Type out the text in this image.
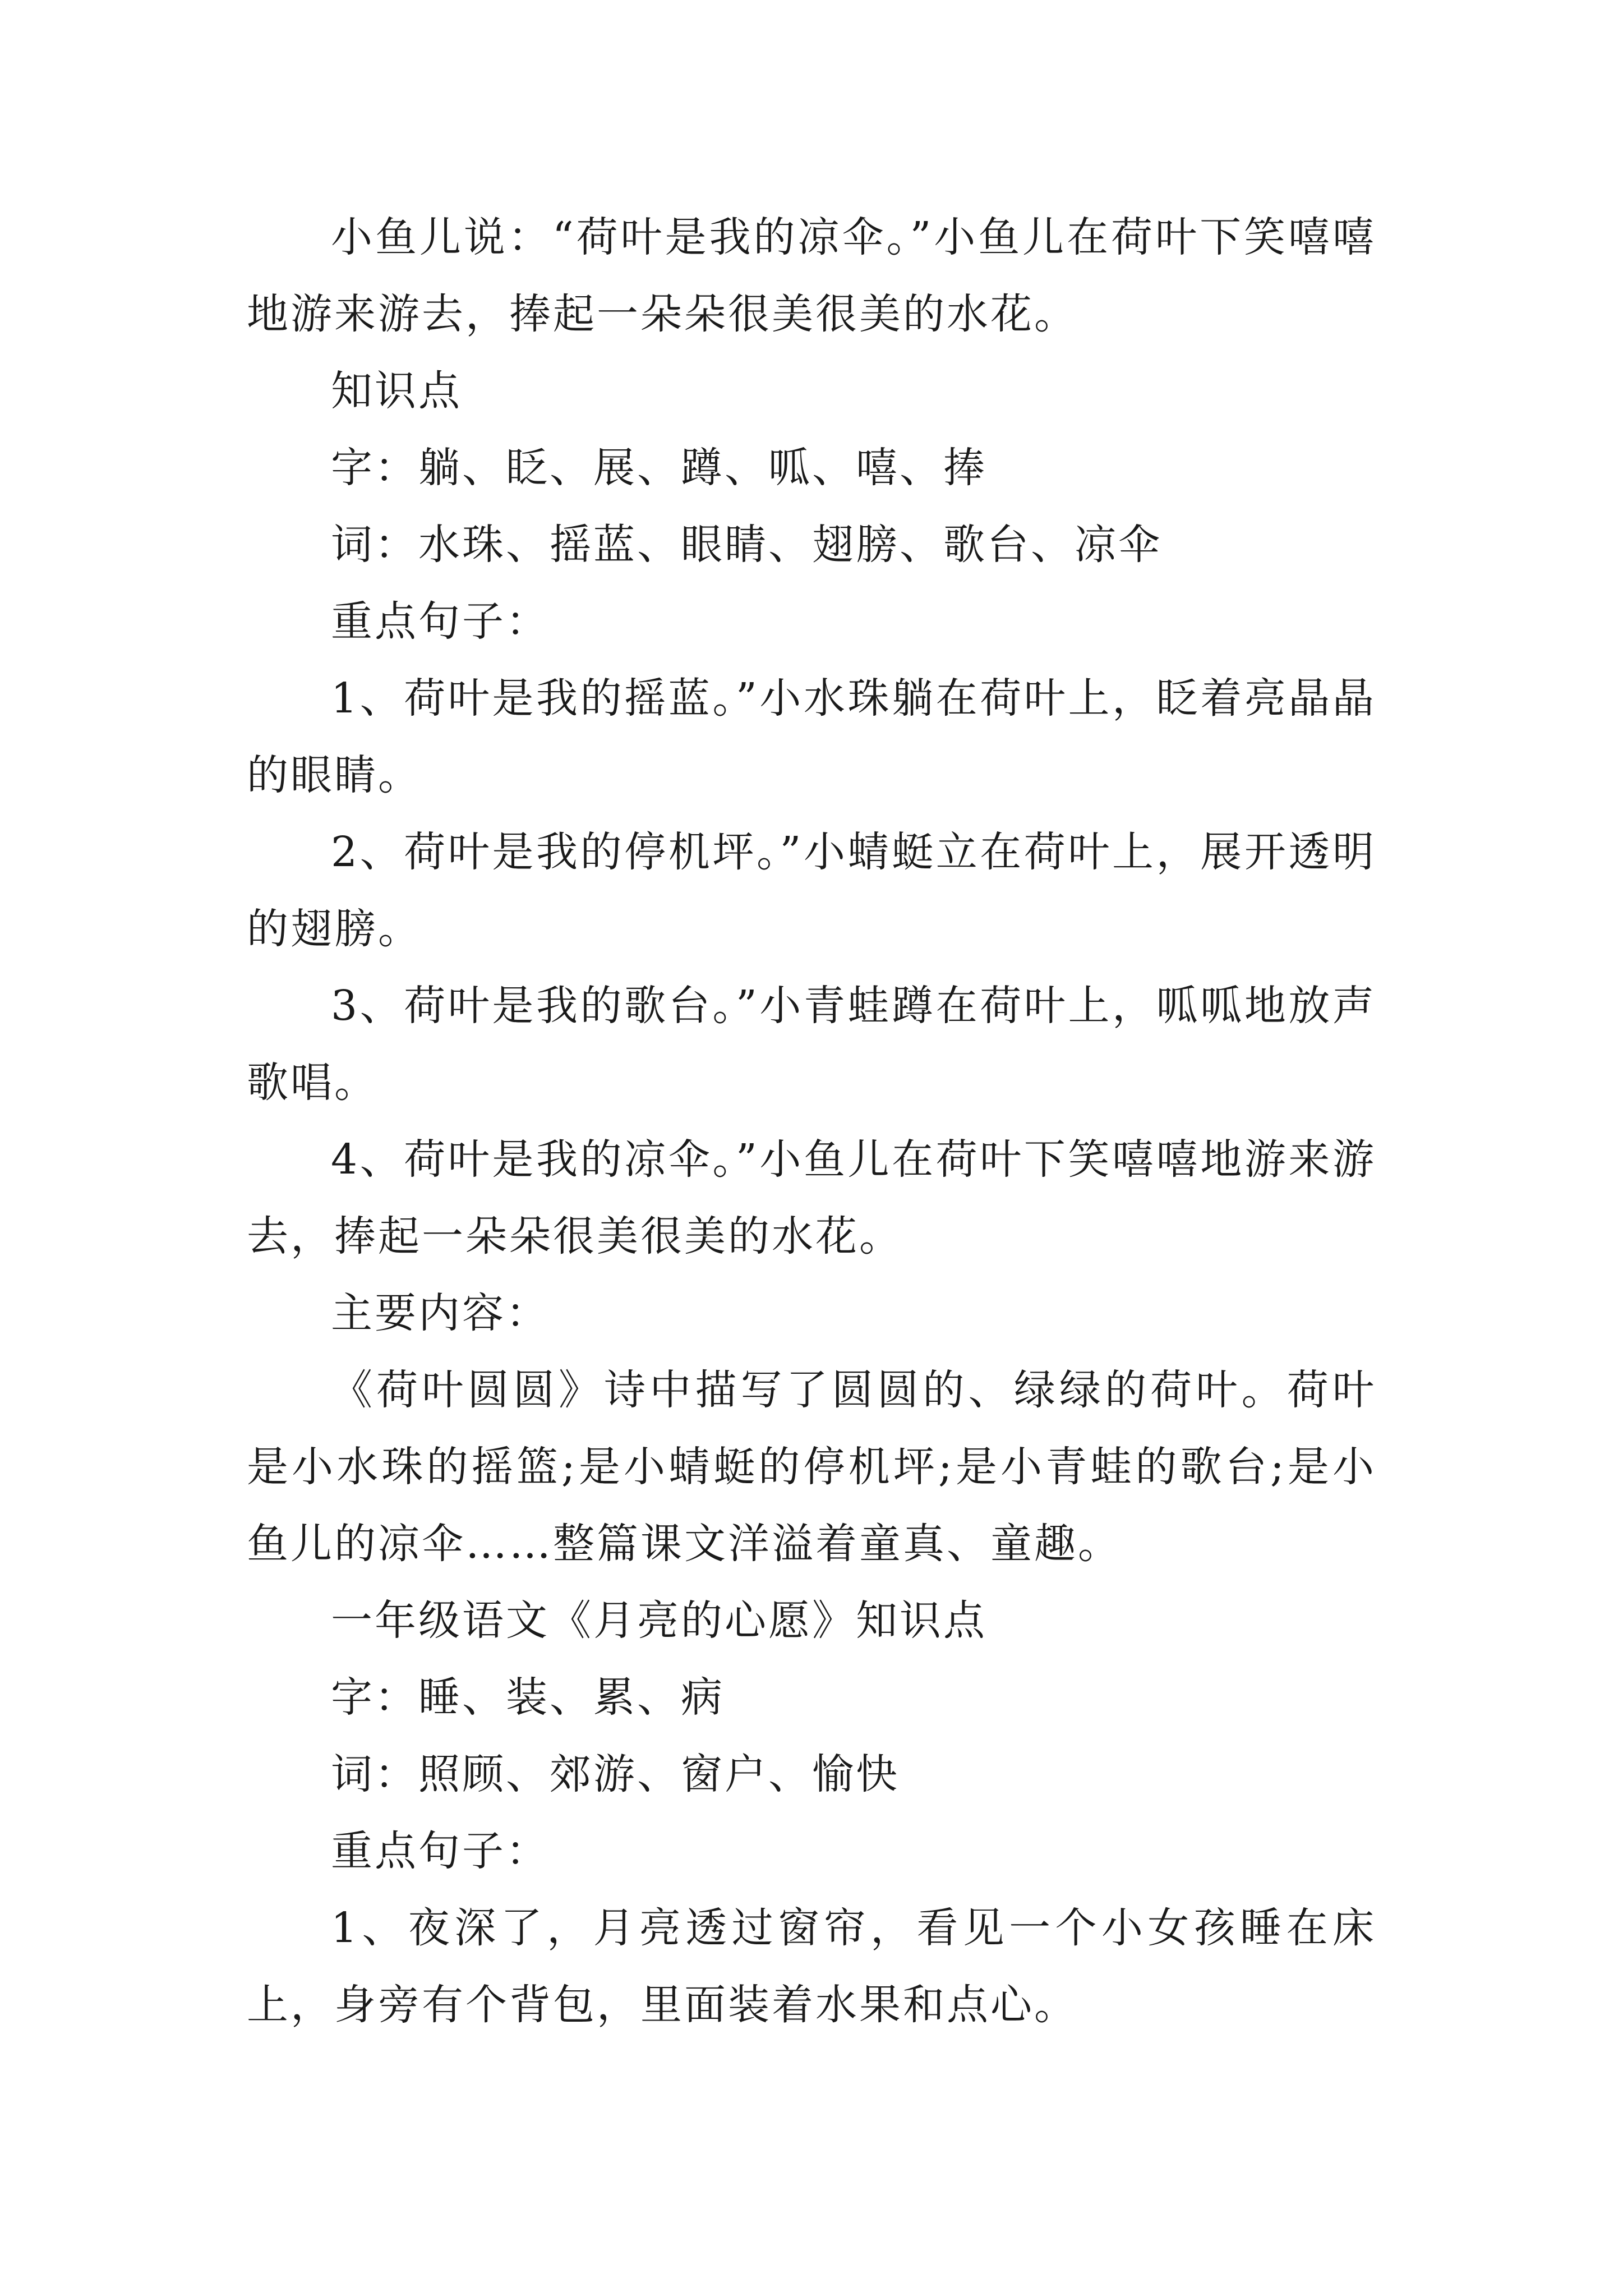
小鱼儿说：“荷叶是我的凉伞。”小鱼儿在荷叶下笑嘻嘻地游来游去，捧起一朵朵很美很美的水花。

知识点

字：躺、眨、展、蹲、呱、嘻、捧

词：水珠、摇蓝、眼睛、翅膀、歌台、凉伞

重点句子：

1、荷叶是我的摇蓝。”小水珠躺在荷叶上，眨着亮晶晶的眼睛。

2、荷叶是我的停机坪。”小蜻蜓立在荷叶上，展开透明的翅膀。

3、荷叶是我的歌台。”小青蛙蹲在荷叶上，呱呱地放声歌唱。

4、荷叶是我的凉伞。”小鱼儿在荷叶下笑嘻嘻地游来游去，捧起一朵朵很美很美的水花。

主要内容：

《荷叶圆圆》诗中描写了圆圆的、绿绿的荷叶。荷叶是小水珠的摇篮;是小蜻蜓的停机坪;是小青蛙的歌台;是小鱼儿的凉伞……整篇课文洋溢着童真、童趣。

一年级语文《月亮的心愿》知识点

字：睡、装、累、病

词：照顾、郊游、窗户、愉快

重点句子：

1、夜深了，月亮透过窗帘，看见一个小女孩睡在床上，身旁有个背包，里面装着水果和点心。
